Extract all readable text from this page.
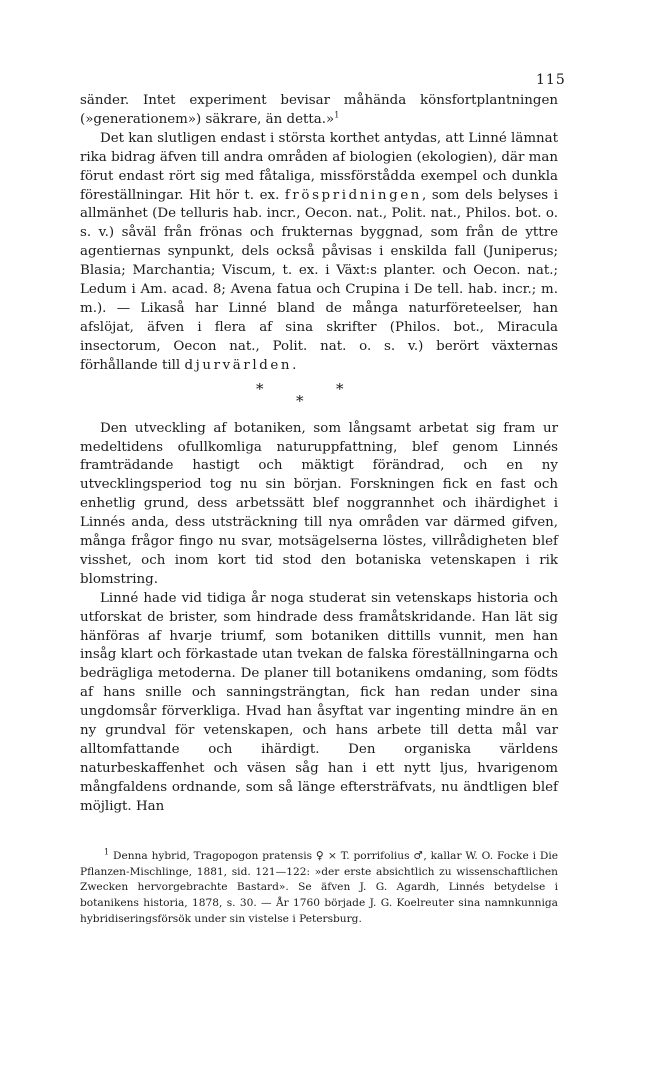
115

sänder. Intet experiment bevisar måhända könsfortplantningen (»generationem») säkrare, än detta.»$^1$

Det kan slutligen endast i största korthet antydas, att Linné lämnat rika bidrag äfven till andra områden af biologien (ekologien), där man förut endast rört sig med fåtaliga, missförstådda exempel och dunkla föreställningar. Hit hör t. ex. fröspridningen, som dels belyses i allmänhet (De telluris hab. incr., Oecon. nat., Polit. nat., Philos. bot. o. s. v.) såväl från frönas och frukternas byggnad, som från de yttre agentiernas synpunkt, dels också påvisas i enskilda fall (Juniperus; Blasia; Marchantia; Viscum, t. ex. i Växt:s planter. och Oecon. nat.; Ledum i Am. acad. 8; Avena fatua och Crupina i De tell. hab. incr.; m. m.). — Likaså har Linné bland de många naturföreteelser, han afslöjat, äfven i flera af sina skrifter (Philos. bot., Miracula insectorum, Oecon nat., Polit. nat. o. s. v.) berört växternas förhållande till djurvärlden.

*
*
*

Den utveckling af botaniken, som långsamt arbetat sig fram ur medeltidens ofullkomliga naturuppfattning, blef genom Linnés framträdande hastigt och mäktigt förändrad, och en ny utvecklingsperiod tog nu sin början. Forskningen fick en fast och enhetlig grund, dess arbetssätt blef noggrannhet och ihärdighet i Linnés anda, dess utsträckning till nya områden var därmed gifven, många frågor fingo nu svar, motsägelserna löstes, villrådigheten blef visshet, och inom kort tid stod den botaniska vetenskapen i rik blomstring.

Linné hade vid tidiga år noga studerat sin vetenskaps historia och utforskat de brister, som hindrade dess framåtskridande. Han lät sig hänföras af hvarje triumf, som botaniken dittills vunnit, men han insåg klart och förkastade utan tvekan de falska föreställningarna och bedrägliga metoderna. De planer till botanikens omdaning, som födts af hans snille och sanningsträngtan, fick han redan under sina ungdomsår förverkliga. Hvad han åsyftat var ingenting mindre än en ny grundval för vetenskapen, och hans arbete till detta mål var alltomfattande och ihärdigt. Den organiska världens naturbeskaffenhet och väsen såg han i ett nytt ljus, hvarigenom mångfaldens ordnande, som så länge eftersträfvats, nu ändtligen blef möjligt. Han

$^1$ Denna hybrid, Tragopogon pratensis ♀ × T. porrifolius ♂, kallar W. O. Focke i Die Pflanzen-Mischlinge, 1881, sid. 121—122: »der erste absichtlich zu wissenschaftlichen Zwecken hervorgebrachte Bastard». Se äfven J. G. Agardh, Linnés betydelse i botanikens historia, 1878, s. 30. — År 1760 började J. G. Koelreuter sina namnkunniga hybridiseringsförsök under sin vistelse i Petersburg.
